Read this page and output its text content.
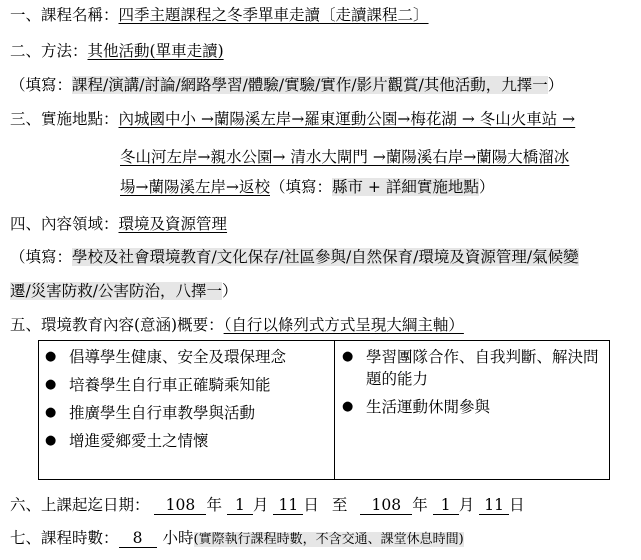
一、課程名稱：四季主題課程之冬季單車走讀〔走讀課程二〕
二、方法：其他活動(單車走讀)
（填寫：課程/演講/討論/網路學習/體驗/實驗/實作/影片觀賞/其他活動，九擇一）
三、實施地點：內城國中小 →蘭陽溪左岸→羅東運動公園→梅花湖 → 冬山火車站 →
冬山河左岸→親水公園→ 清水大閘門 →蘭陽溪右岸→蘭陽大橋溜冰
場→蘭陽溪左岸→返校（填寫：縣市 + 詳細實施地點）
四、內容領域：環境及資源管理
（填寫：學校及社會環境教育/文化保存/社區參與/自然保育/環境及資源管理/氣候變
遷/災害防救/公害防治，八擇一）
五、環境教育內容(意涵)概要：（自行以條列式方式呈現大綱主軸）
● 倡導學生健康、安全及環保理念
● 培養學生自行車正確騎乘知能
● 推廣學生自行車教學與活動
● 增進愛鄉愛土之情懷
● 學習團隊合作、自我判斷、解決問題的能力
● 生活運動休閒參與
六、上課起迄日期： 108 年 1 月 11 日 至 108 年 1 月 11 日
七、課程時數： 8 小時(實際執行課程時數，不含交通、課堂休息時間)
